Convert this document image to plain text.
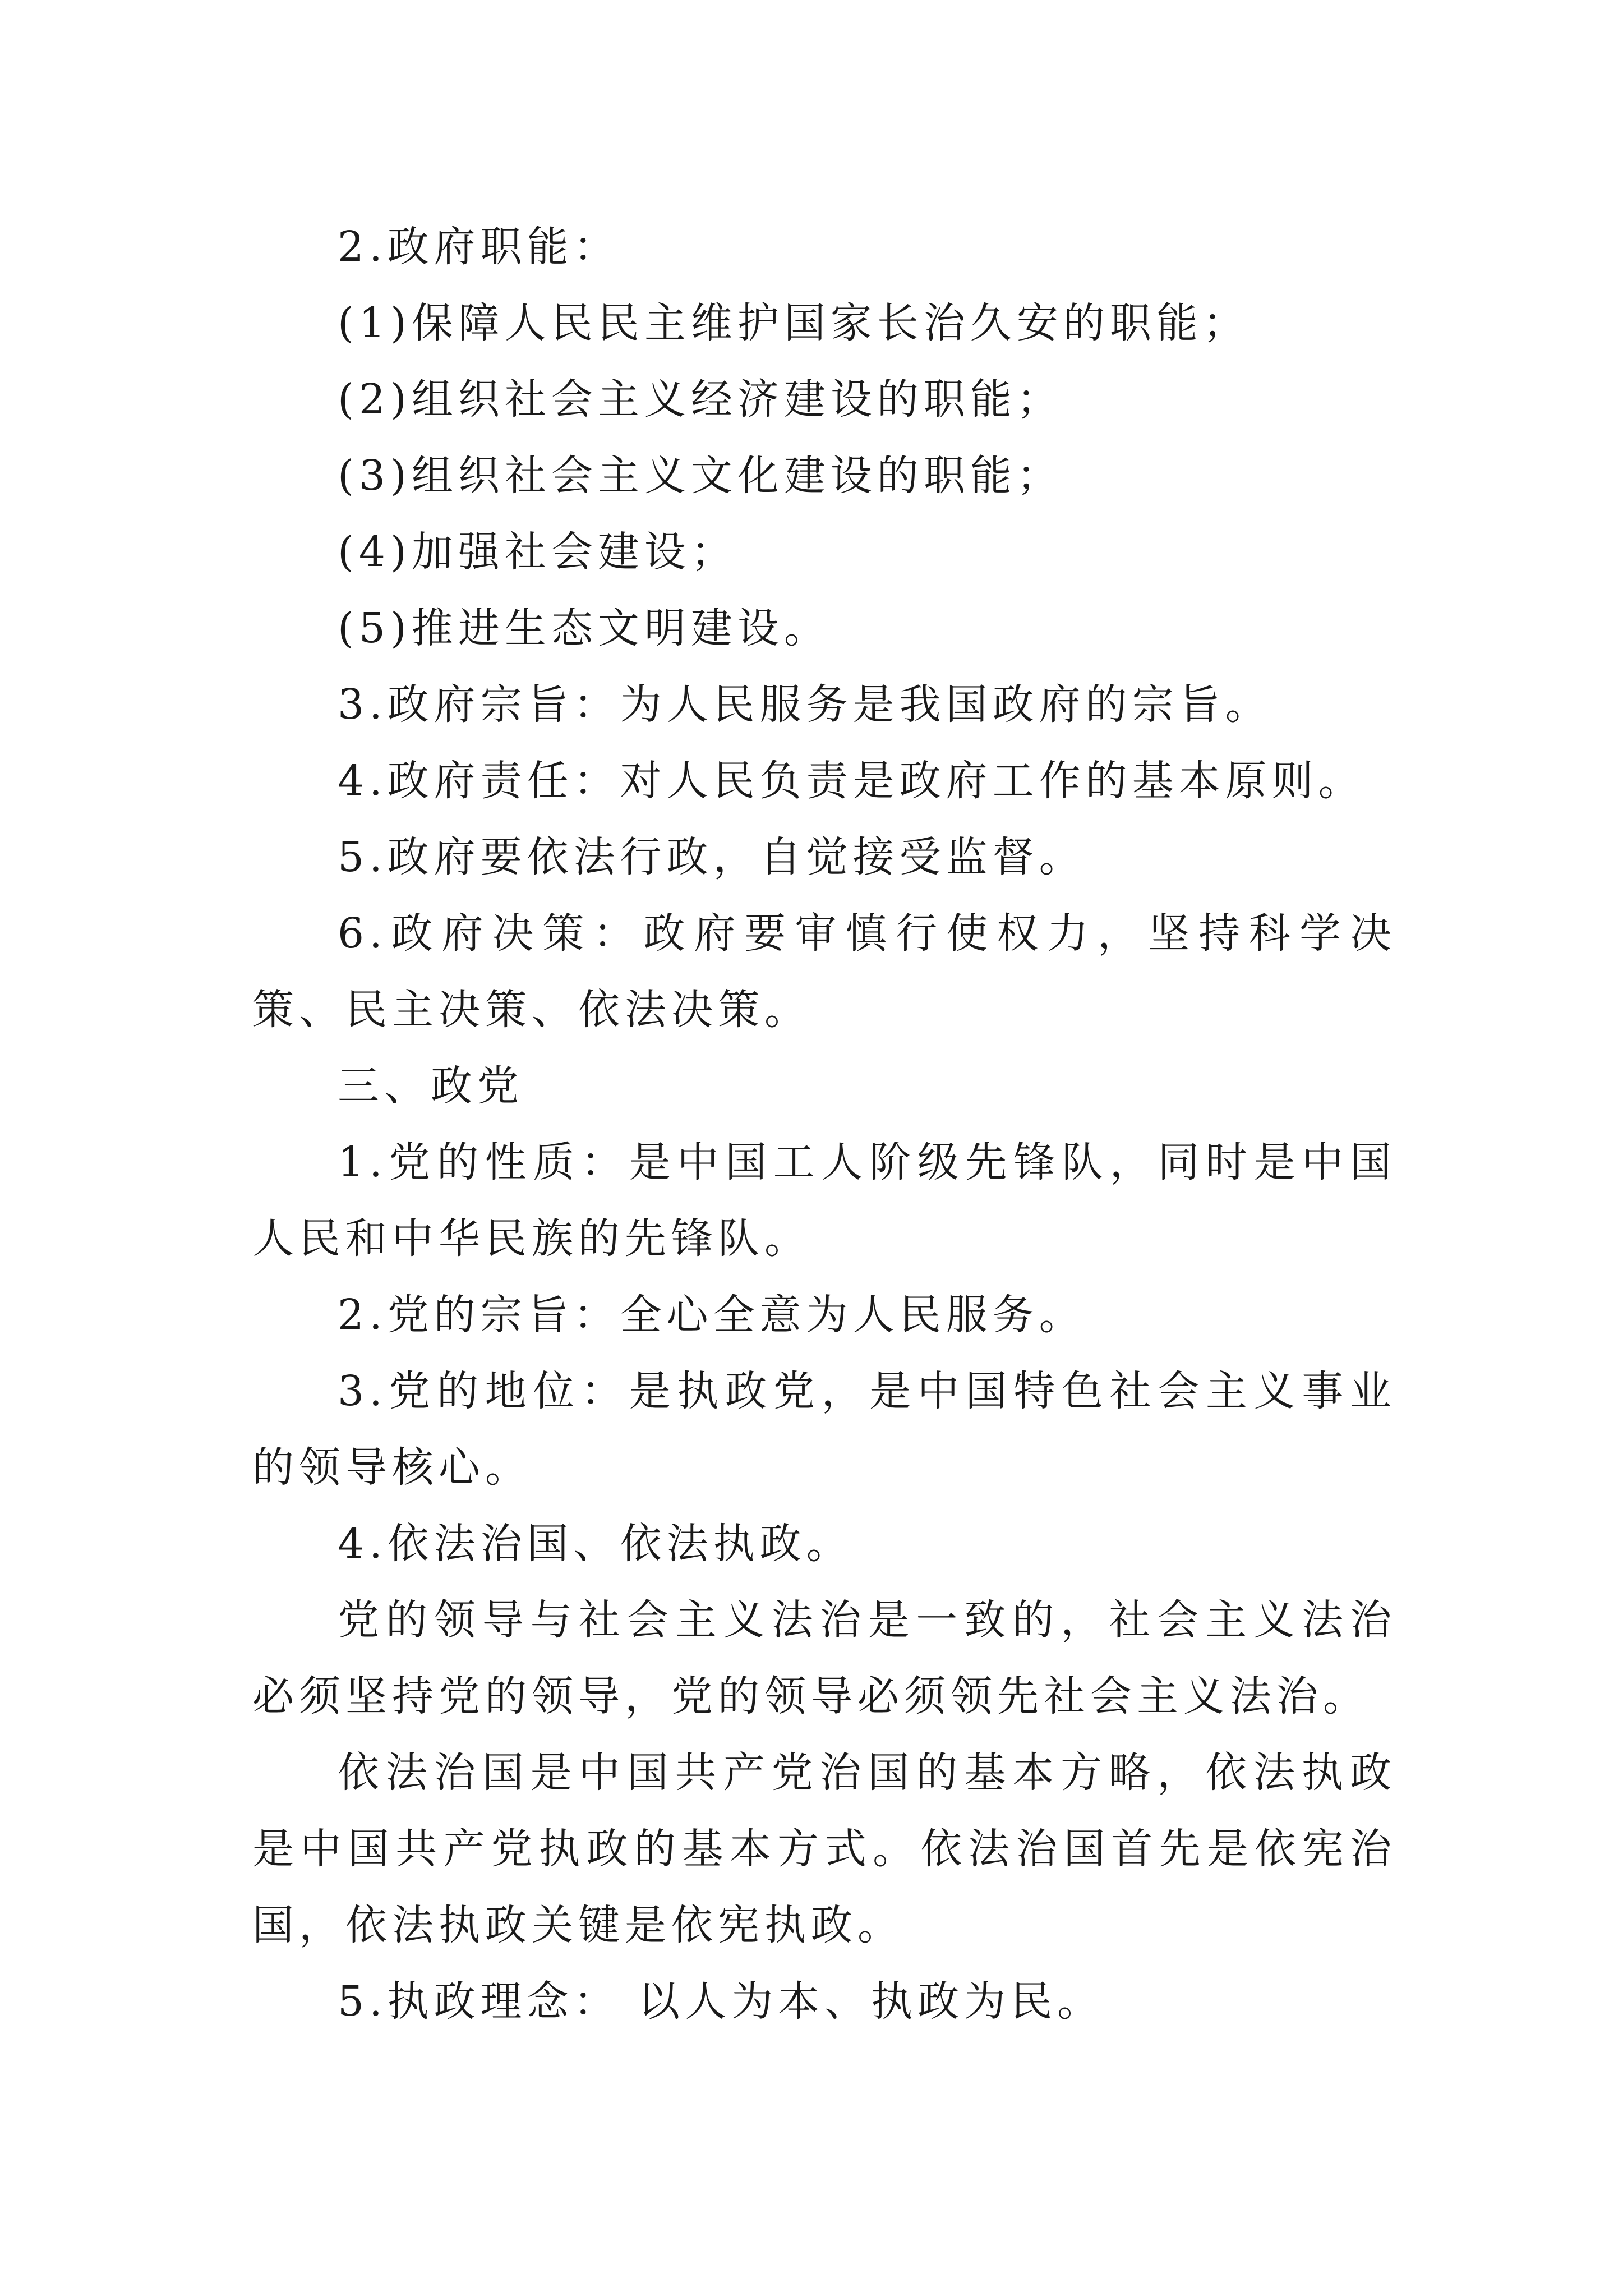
2.政府职能：

(1)保障人民民主维护国家长治久安的职能；

(2)组织社会主义经济建设的职能；

(3)组织社会主义文化建设的职能；

(4)加强社会建设；

(5)推进生态文明建设。

3.政府宗旨：为人民服务是我国政府的宗旨。

4.政府责任：对人民负责是政府工作的基本原则。

5.政府要依法行政，自觉接受监督。

6.政府决策：政府要审慎行使权力，坚持科学决策、民主决策、依法决策。

三、政党

1.党的性质：是中国工人阶级先锋队，同时是中国人民和中华民族的先锋队。

2.党的宗旨：全心全意为人民服务。

3.党的地位：是执政党，是中国特色社会主义事业的领导核心。

4.依法治国、依法执政。

党的领导与社会主义法治是一致的，社会主义法治必须坚持党的领导，党的领导必须领先社会主义法治。

依法治国是中国共产党治国的基本方略，依法执政是中国共产党执政的基本方式。依法治国首先是依宪治国，依法执政关键是依宪执政。

5.执政理念： 以人为本、执政为民。
